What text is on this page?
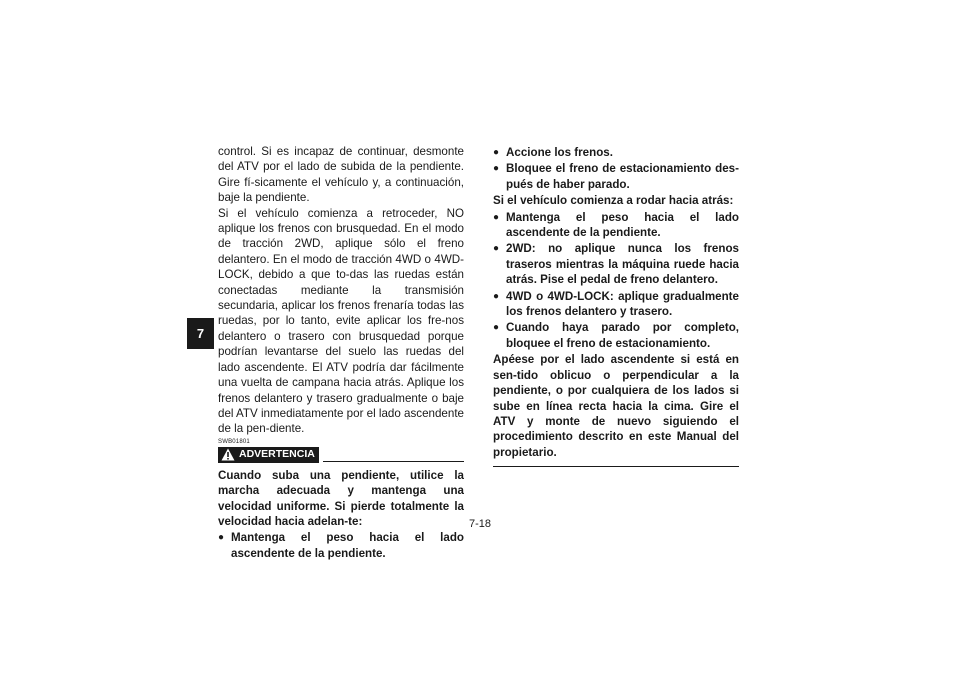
7

control. Si es incapaz de continuar, desmonte del ATV por el lado de subida de la pendiente. Gire fí-sicamente el vehículo y, a continuación, baje la pendiente.

Si el vehículo comienza a retroceder, NO aplique los frenos con brusquedad. En el modo de tracción 2WD, aplique sólo el freno delantero. En el modo de tracción 4WD o 4WD-LOCK, debido a que to-das las ruedas están conectadas mediante la transmisión secundaria, aplicar los frenos frenaría todas las ruedas, por lo tanto, evite aplicar los fre-nos delantero o trasero con brusquedad porque podrían levantarse del suelo las ruedas del lado ascendente. El ATV podría dar fácilmente una vuelta de campana hacia atrás. Aplique los frenos delantero y trasero gradualmente o baje del ATV inmediatamente por el lado ascendente de la pen-diente.

SWB01801
ADVERTENCIA

Cuando suba una pendiente, utilice la marcha adecuada y mantenga una velocidad uniforme. Si pierde totalmente la velocidad hacia adelan-te:

● Mantenga el peso hacia el lado ascendente de la pendiente.
● Accione los frenos.
● Bloquee el freno de estacionamiento des-pués de haber parado.

Si el vehículo comienza a rodar hacia atrás:

● Mantenga el peso hacia el lado ascendente de la pendiente.
● 2WD: no aplique nunca los frenos traseros mientras la máquina ruede hacia atrás. Pise el pedal de freno delantero.
● 4WD o 4WD-LOCK: aplique gradualmente los frenos delantero y trasero.
● Cuando haya parado por completo, bloquee el freno de estacionamiento.

Apéese por el lado ascendente si está en sen-tido oblicuo o perpendicular a la pendiente, o por cualquiera de los lados si sube en línea recta hacia la cima. Gire el ATV y monte de nuevo siguiendo el procedimiento descrito en este Manual del propietario.

7-18
